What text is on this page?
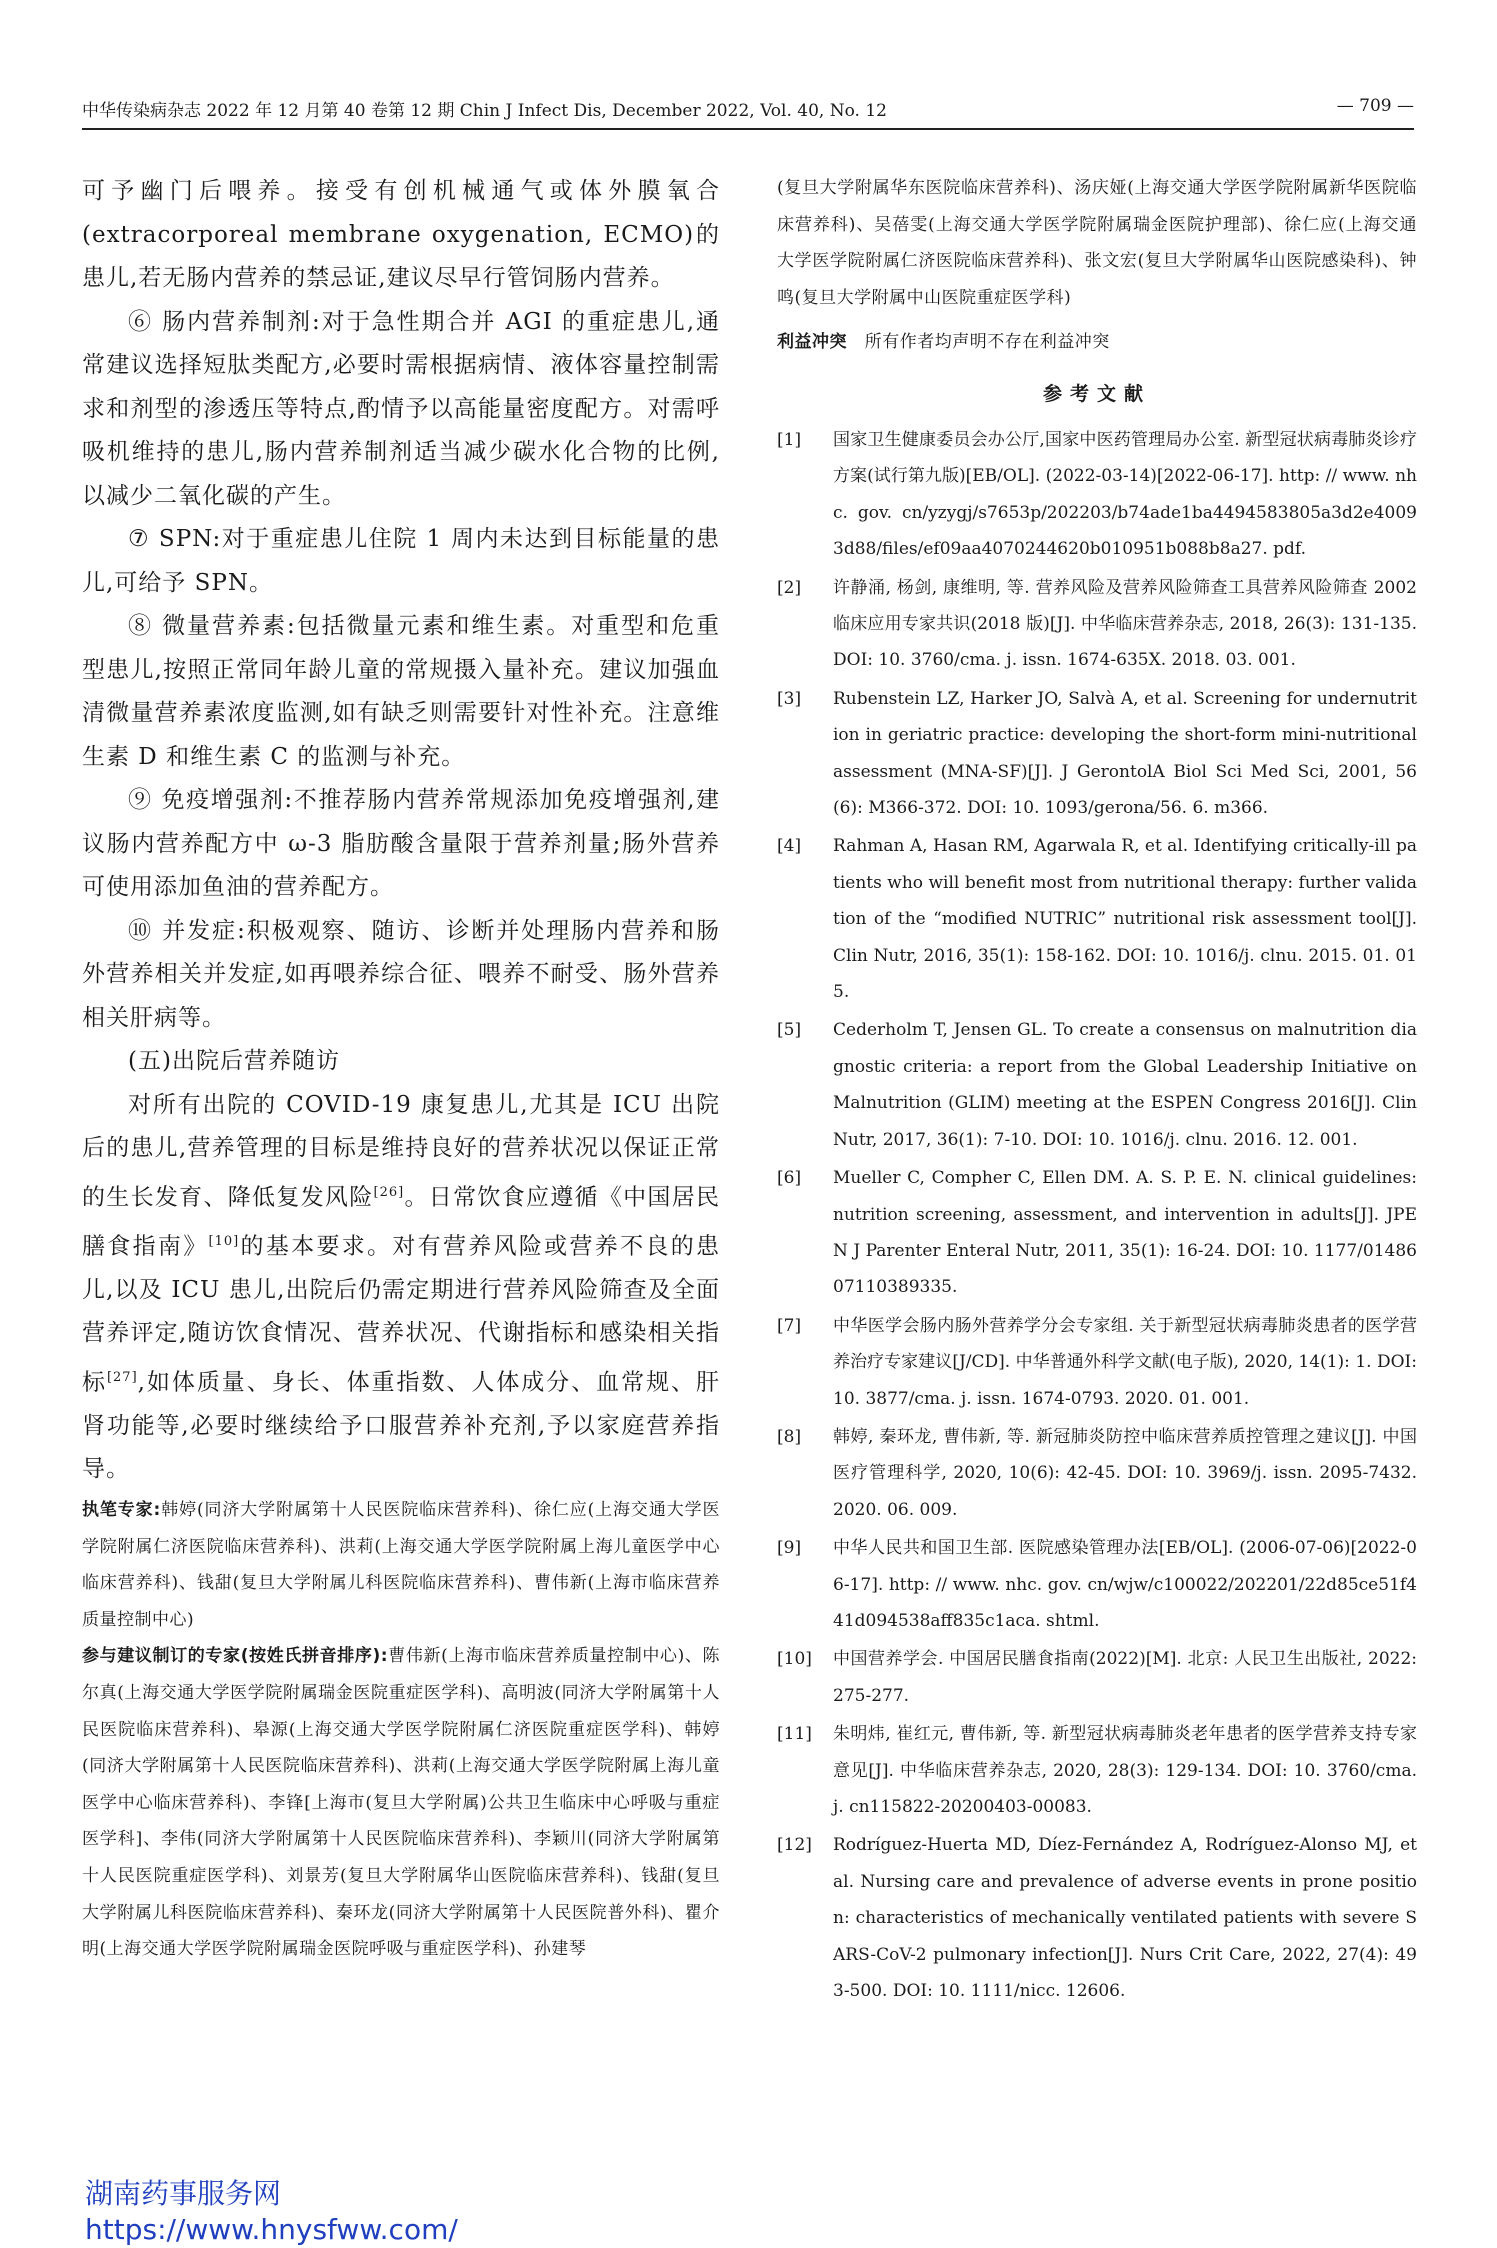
中华传染病杂志 2022 年 12 月第 40 卷第 12 期 Chin J Infect Dis, December 2022, Vol. 40, No. 12	— 709 —

可予幽门后喂养。接受有创机械通气或体外膜氧合(extracorporeal membrane oxygenation, ECMO)的患儿,若无肠内营养的禁忌证,建议尽早行管饲肠内营养。

⑥ 肠内营养制剂:对于急性期合并 AGI 的重症患儿,通常建议选择短肽类配方,必要时需根据病情、液体容量控制需求和剂型的渗透压等特点,酌情予以高能量密度配方。对需呼吸机维持的患儿,肠内营养制剂适当减少碳水化合物的比例,以减少二氧化碳的产生。

⑦ SPN:对于重症患儿住院 1 周内未达到目标能量的患儿,可给予 SPN。

⑧ 微量营养素:包括微量元素和维生素。对重型和危重型患儿,按照正常同年龄儿童的常规摄入量补充。建议加强血清微量营养素浓度监测,如有缺乏则需要针对性补充。注意维生素 D 和维生素 C 的监测与补充。

⑨ 免疫增强剂:不推荐肠内营养常规添加免疫增强剂,建议肠内营养配方中 ω-3 脂肪酸含量限于营养剂量;肠外营养可使用添加鱼油的营养配方。

⑩ 并发症:积极观察、随访、诊断并处理肠内营养和肠外营养相关并发症,如再喂养综合征、喂养不耐受、肠外营养相关肝病等。

(五)出院后营养随访

对所有出院的 COVID-19 康复患儿,尤其是 ICU 出院后的患儿,营养管理的目标是维持良好的营养状况以保证正常的生长发育、降低复发风险[26]。日常饮食应遵循《中国居民膳食指南》[10]的基本要求。对有营养风险或营养不良的患儿,以及 ICU 患儿,出院后仍需定期进行营养风险筛查及全面营养评定,随访饮食情况、营养状况、代谢指标和感染相关指标[27],如体质量、身长、体重指数、人体成分、血常规、肝肾功能等,必要时继续给予口服营养补充剂,予以家庭营养指导。

执笔专家:韩婷(同济大学附属第十人民医院临床营养科)、徐仁应(上海交通大学医学院附属仁济医院临床营养科)、洪莉(上海交通大学医学院附属上海儿童医学中心临床营养科)、钱甜(复旦大学附属儿科医院临床营养科)、曹伟新(上海市临床营养质量控制中心)

参与建议制订的专家(按姓氏拼音排序):曹伟新(上海市临床营养质量控制中心)、陈尔真(上海交通大学医学院附属瑞金医院重症医学科)、高明波(同济大学附属第十人民医院临床营养科)、皋源(上海交通大学医学院附属仁济医院重症医学科)、韩婷(同济大学附属第十人民医院临床营养科)、洪莉(上海交通大学医学院附属上海儿童医学中心临床营养科)、李锋[上海市(复旦大学附属)公共卫生临床中心呼吸与重症医学科]、李伟(同济大学附属第十人民医院临床营养科)、李颖川(同济大学附属第十人民医院重症医学科)、刘景芳(复旦大学附属华山医院临床营养科)、钱甜(复旦大学附属儿科医院临床营养科)、秦环龙(同济大学附属第十人民医院普外科)、瞿介明(上海交通大学医学院附属瑞金医院呼吸与重症医学科)、孙建琴

(复旦大学附属华东医院临床营养科)、汤庆娅(上海交通大学医学院附属新华医院临床营养科)、吴蓓雯(上海交通大学医学院附属瑞金医院护理部)、徐仁应(上海交通大学医学院附属仁济医院临床营养科)、张文宏(复旦大学附属华山医院感染科)、钟鸣(复旦大学附属中山医院重症医学科)

利益冲突 所有作者均声明不存在利益冲突

参考文献
[1]	国家卫生健康委员会办公厅,国家中医药管理局办公室. 新型冠状病毒肺炎诊疗方案(试行第九版)[EB/OL]. (2022-03-14)[2022-06-17]. http: // www. nhc. gov. cn/yzygj/s7653p/202203/b74ade1ba4494583805a3d2e40093d88/files/ef09aa4070244620b010951b088b8a27. pdf.
[2]	许静涌, 杨剑, 康维明, 等. 营养风险及营养风险筛查工具营养风险筛查 2002 临床应用专家共识(2018 版)[J]. 中华临床营养杂志, 2018, 26(3): 131-135. DOI: 10. 3760/cma. j. issn. 1674-635X. 2018. 03. 001.
[3]	Rubenstein LZ, Harker JO, Salvà A, et al. Screening for undernutrition in geriatric practice: developing the short-form mini-nutritional assessment (MNA-SF)[J]. J GerontolA Biol Sci Med Sci, 2001, 56(6): M366-372. DOI: 10. 1093/gerona/56. 6. m366.
[4]	Rahman A, Hasan RM, Agarwala R, et al. Identifying critically-ill patients who will benefit most from nutritional therapy: further validation of the “modified NUTRIC” nutritional risk assessment tool[J]. Clin Nutr, 2016, 35(1): 158-162. DOI: 10. 1016/j. clnu. 2015. 01. 015.
[5]	Cederholm T, Jensen GL. To create a consensus on malnutrition diagnostic criteria: a report from the Global Leadership Initiative on Malnutrition (GLIM) meeting at the ESPEN Congress 2016[J]. Clin Nutr, 2017, 36(1): 7-10. DOI: 10. 1016/j. clnu. 2016. 12. 001.
[6]	Mueller C, Compher C, Ellen DM. A. S. P. E. N. clinical guidelines: nutrition screening, assessment, and intervention in adults[J]. JPEN J Parenter Enteral Nutr, 2011, 35(1): 16-24. DOI: 10. 1177/0148607110389335.
[7]	中华医学会肠内肠外营养学分会专家组. 关于新型冠状病毒肺炎患者的医学营养治疗专家建议[J/CD]. 中华普通外科学文献(电子版), 2020, 14(1): 1. DOI: 10. 3877/cma. j. issn. 1674-0793. 2020. 01. 001.
[8]	韩婷, 秦环龙, 曹伟新, 等. 新冠肺炎防控中临床营养质控管理之建议[J]. 中国医疗管理科学, 2020, 10(6): 42-45. DOI: 10. 3969/j. issn. 2095-7432. 2020. 06. 009.
[9]	中华人民共和国卫生部. 医院感染管理办法[EB/OL]. (2006-07-06)[2022-06-17]. http: // www. nhc. gov. cn/wjw/c100022/202201/22d85ce51f441d094538aff835c1aca. shtml.
[10]	中国营养学会. 中国居民膳食指南(2022)[M]. 北京: 人民卫生出版社, 2022: 275-277.
[11]	朱明炜, 崔红元, 曹伟新, 等. 新型冠状病毒肺炎老年患者的医学营养支持专家意见[J]. 中华临床营养杂志, 2020, 28(3): 129-134. DOI: 10. 3760/cma. j. cn115822-20200403-00083.
[12]	Rodríguez-Huerta MD, Díez-Fernández A, Rodríguez-Alonso MJ, et al. Nursing care and prevalence of adverse events in prone position: characteristics of mechanically ventilated patients with severe SARS-CoV-2 pulmonary infection[J]. Nurs Crit Care, 2022, 27(4): 493-500. DOI: 10. 1111/nicc. 12606.
湖南药事服务网
https://www.hnysfww.com/
